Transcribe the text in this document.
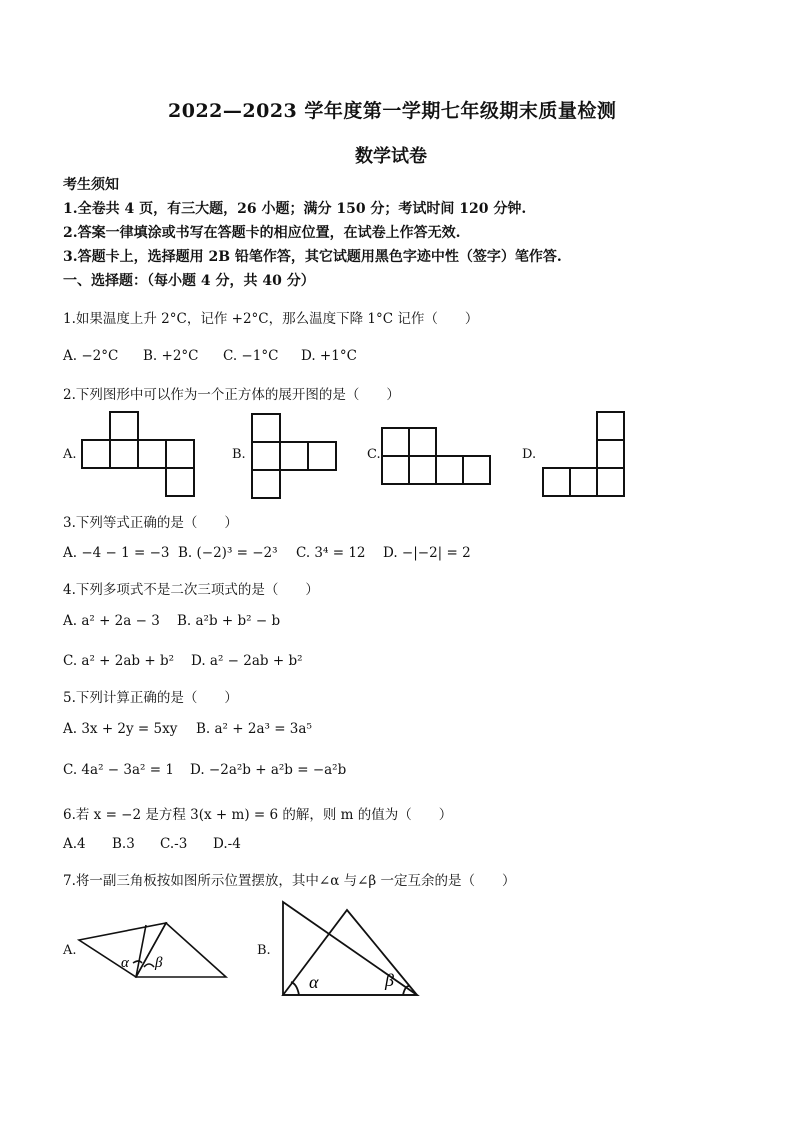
2022—2023 学年度第一学期七年级期末质量检测
数学试卷
考生须知
1.全卷共 4 页，有三大题，26 小题；满分 150 分；考试时间 120 分钟.
2.答案一律填涂或书写在答题卡的相应位置，在试卷上作答无效.
3.答题卡上，选择题用 2B 铅笔作答，其它试题用黑色字迹中性（签字）笔作答.
一、选择题：（每小题 4 分，共 40 分）
1.如果温度上升 2°C，记作 +2°C，那么温度下降 1°C 记作（　　）
A. −2°C B. +2°C C. −1°C D. +1°C
2.下列图形中可以作为一个正方体的展开图的是（　　）
A.	B.	C.	D.
3.下列等式正确的是（　　）
A. −4 − 1 = −3 B. (−2)³ = −2³ C. 3⁴ = 12 D. −|−2| = 2
4.下列多项式不是二次三项式的是（　　）
A. a² + 2a − 3 B. a²b + b² − b
C. a² + 2ab + b² D. a² − 2ab + b²
5.下列计算正确的是（　　）
A. 3x + 2y = 5xy B. a² + 2a³ = 3a⁵
C. 4a² − 3a² = 1 D. −2a²b + a²b = −a²b
6.若 x = −2 是方程 3(x + m) = 6 的解，则 m 的值为（　　）
A.4 B.3 C.-3 D.-4
7.将一副三角板按如图所示位置摆放，其中∠α 与∠β 一定互余的是（　　）
A.
α β
B.
α	β
